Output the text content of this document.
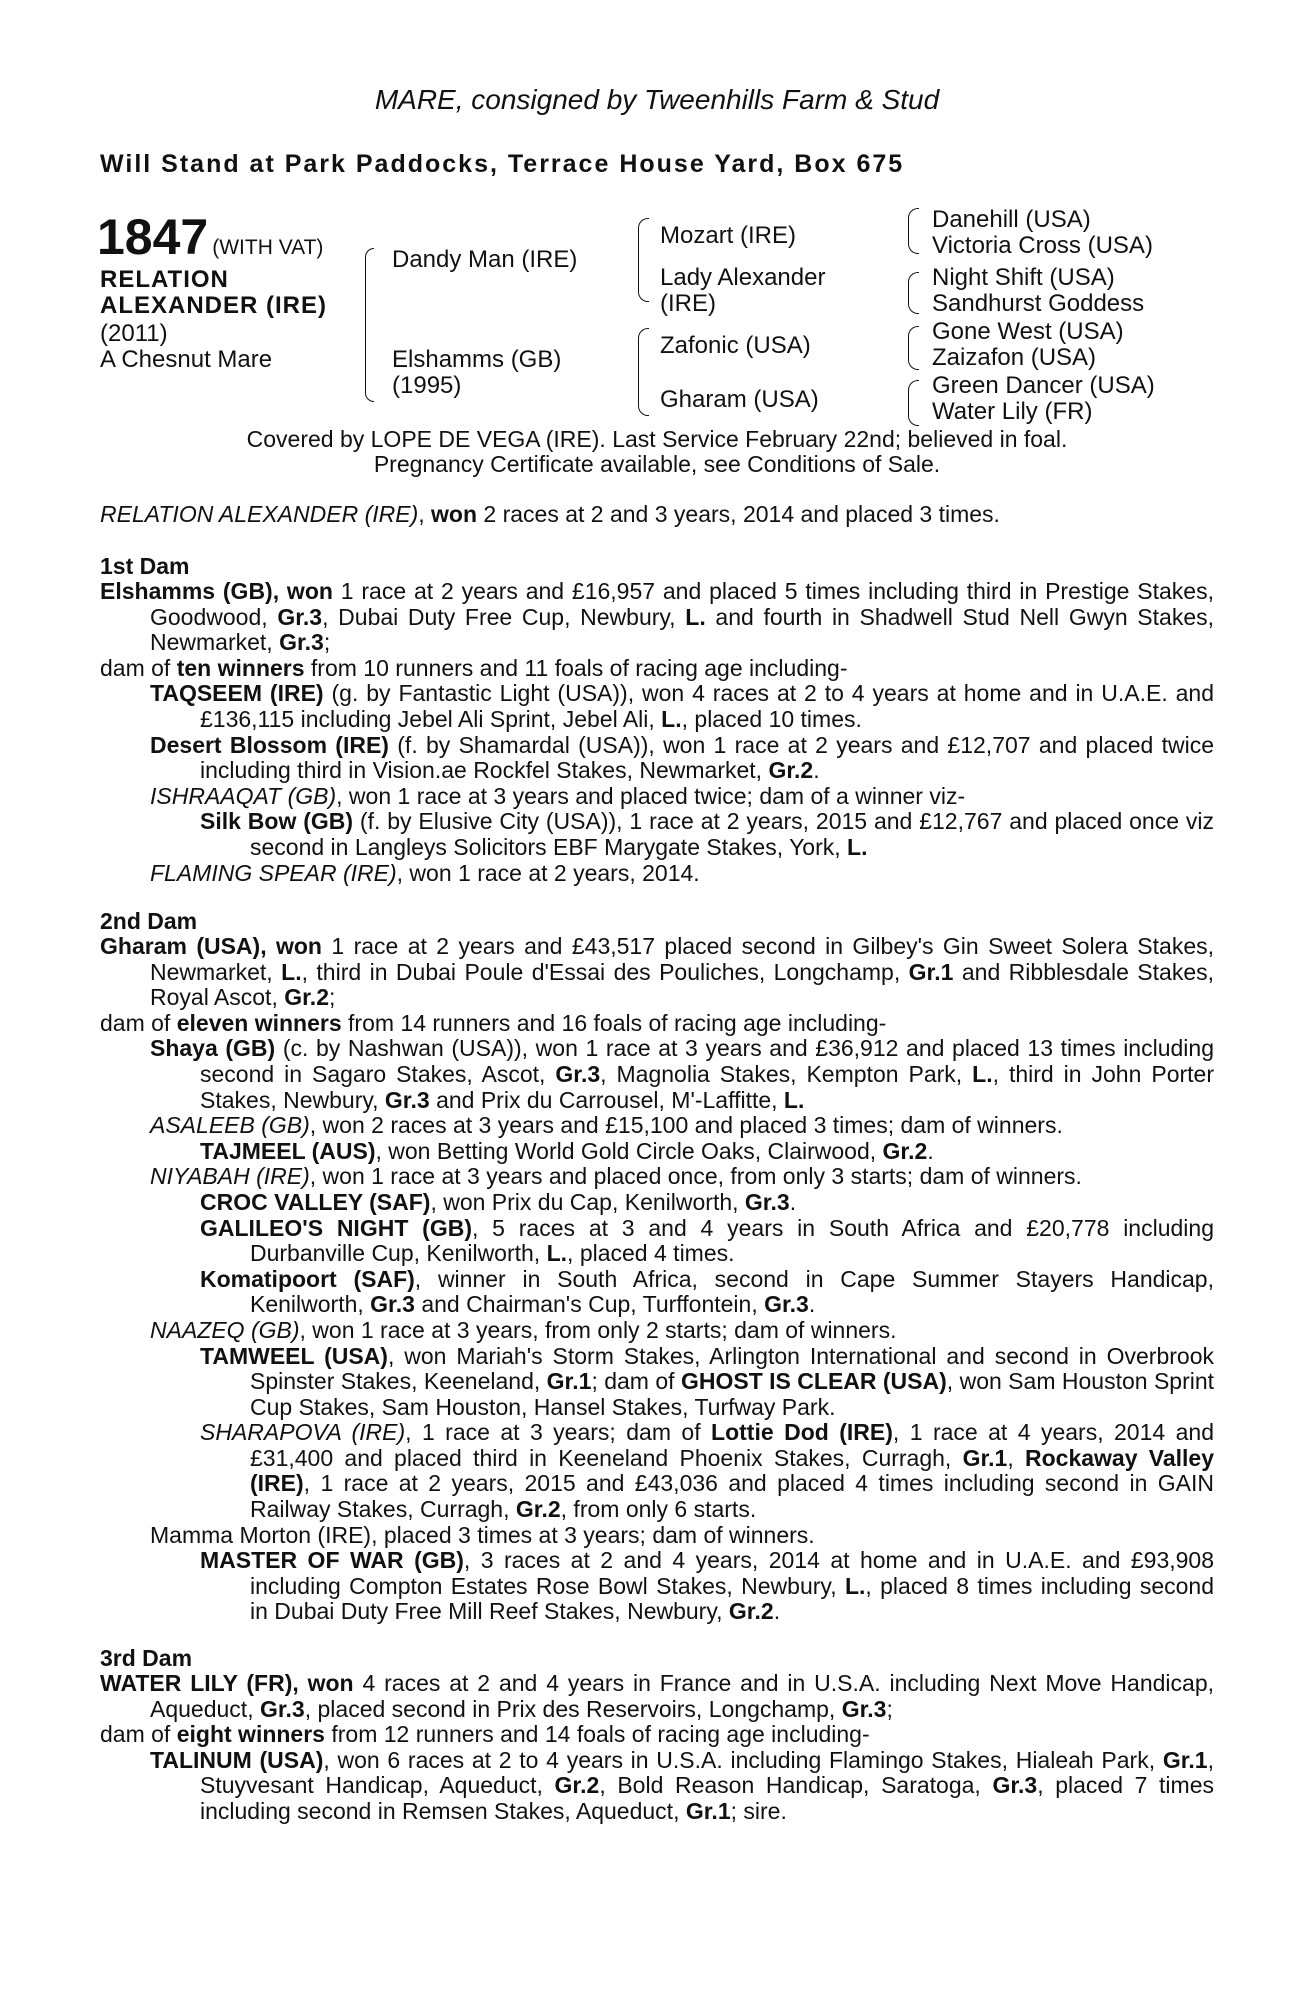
MARE, consigned by Tweenhills Farm & Stud
Will Stand at Park Paddocks, Terrace House Yard, Box 675
1847 (WITH VAT)
RELATION
ALEXANDER (IRE)
(2011)
A Chesnut Mare
Dandy Man (IRE)
Elshamms (GB)
(1995)
Mozart (IRE)
Lady Alexander
(IRE)
Zafonic (USA)
Gharam (USA)
Danehill (USA)
Victoria Cross (USA)
Night Shift (USA)
Sandhurst Goddess
Gone West (USA)
Zaizafon (USA)
Green Dancer (USA)
Water Lily (FR)
Covered by LOPE DE VEGA (IRE). Last Service February 22nd; believed in foal.
Pregnancy Certificate available, see Conditions of Sale.
RELATION ALEXANDER (IRE), won 2 races at 2 and 3 years, 2014 and placed 3 times.
1st Dam
Elshamms (GB), won 1 race at 2 years and £16,957 and placed 5 times including third in Prestige Stakes, Goodwood, Gr.3, Dubai Duty Free Cup, Newbury, L. and fourth in Shadwell Stud Nell Gwyn Stakes, Newmarket, Gr.3;
dam of ten winners from 10 runners and 11 foals of racing age including-
TAQSEEM (IRE) (g. by Fantastic Light (USA)), won 4 races at 2 to 4 years at home and in U.A.E. and £136,115 including Jebel Ali Sprint, Jebel Ali, L., placed 10 times.
Desert Blossom (IRE) (f. by Shamardal (USA)), won 1 race at 2 years and £12,707 and placed twice including third in Vision.ae Rockfel Stakes, Newmarket, Gr.2.
ISHRAAQAT (GB), won 1 race at 3 years and placed twice; dam of a winner viz-
Silk Bow (GB) (f. by Elusive City (USA)), 1 race at 2 years, 2015 and £12,767 and placed once viz second in Langleys Solicitors EBF Marygate Stakes, York, L.
FLAMING SPEAR (IRE), won 1 race at 2 years, 2014.
2nd Dam
Gharam (USA), won 1 race at 2 years and £43,517 placed second in Gilbey's Gin Sweet Solera Stakes, Newmarket, L., third in Dubai Poule d'Essai des Pouliches, Longchamp, Gr.1 and Ribblesdale Stakes, Royal Ascot, Gr.2;
dam of eleven winners from 14 runners and 16 foals of racing age including-
Shaya (GB) (c. by Nashwan (USA)), won 1 race at 3 years and £36,912 and placed 13 times including second in Sagaro Stakes, Ascot, Gr.3, Magnolia Stakes, Kempton Park, L., third in John Porter Stakes, Newbury, Gr.3 and Prix du Carrousel, M'-Laffitte, L.
ASALEEB (GB), won 2 races at 3 years and £15,100 and placed 3 times; dam of winners.
TAJMEEL (AUS), won Betting World Gold Circle Oaks, Clairwood, Gr.2.
NIYABAH (IRE), won 1 race at 3 years and placed once, from only 3 starts; dam of winners.
CROC VALLEY (SAF), won Prix du Cap, Kenilworth, Gr.3.
GALILEO'S NIGHT (GB), 5 races at 3 and 4 years in South Africa and £20,778 including Durbanville Cup, Kenilworth, L., placed 4 times.
Komatipoort (SAF), winner in South Africa, second in Cape Summer Stayers Handicap, Kenilworth, Gr.3 and Chairman's Cup, Turffontein, Gr.3.
NAAZEQ (GB), won 1 race at 3 years, from only 2 starts; dam of winners.
TAMWEEL (USA), won Mariah's Storm Stakes, Arlington International and second in Overbrook Spinster Stakes, Keeneland, Gr.1; dam of GHOST IS CLEAR (USA), won Sam Houston Sprint Cup Stakes, Sam Houston, Hansel Stakes, Turfway Park.
SHARAPOVA (IRE), 1 race at 3 years; dam of Lottie Dod (IRE), 1 race at 4 years, 2014 and £31,400 and placed third in Keeneland Phoenix Stakes, Curragh, Gr.1, Rockaway Valley (IRE), 1 race at 2 years, 2015 and £43,036 and placed 4 times including second in GAIN Railway Stakes, Curragh, Gr.2, from only 6 starts.
Mamma Morton (IRE), placed 3 times at 3 years; dam of winners.
MASTER OF WAR (GB), 3 races at 2 and 4 years, 2014 at home and in U.A.E. and £93,908 including Compton Estates Rose Bowl Stakes, Newbury, L., placed 8 times including second in Dubai Duty Free Mill Reef Stakes, Newbury, Gr.2.
3rd Dam
WATER LILY (FR), won 4 races at 2 and 4 years in France and in U.S.A. including Next Move Handicap, Aqueduct, Gr.3, placed second in Prix des Reservoirs, Longchamp, Gr.3;
dam of eight winners from 12 runners and 14 foals of racing age including-
TALINUM (USA), won 6 races at 2 to 4 years in U.S.A. including Flamingo Stakes, Hialeah Park, Gr.1, Stuyvesant Handicap, Aqueduct, Gr.2, Bold Reason Handicap, Saratoga, Gr.3, placed 7 times including second in Remsen Stakes, Aqueduct, Gr.1; sire.
